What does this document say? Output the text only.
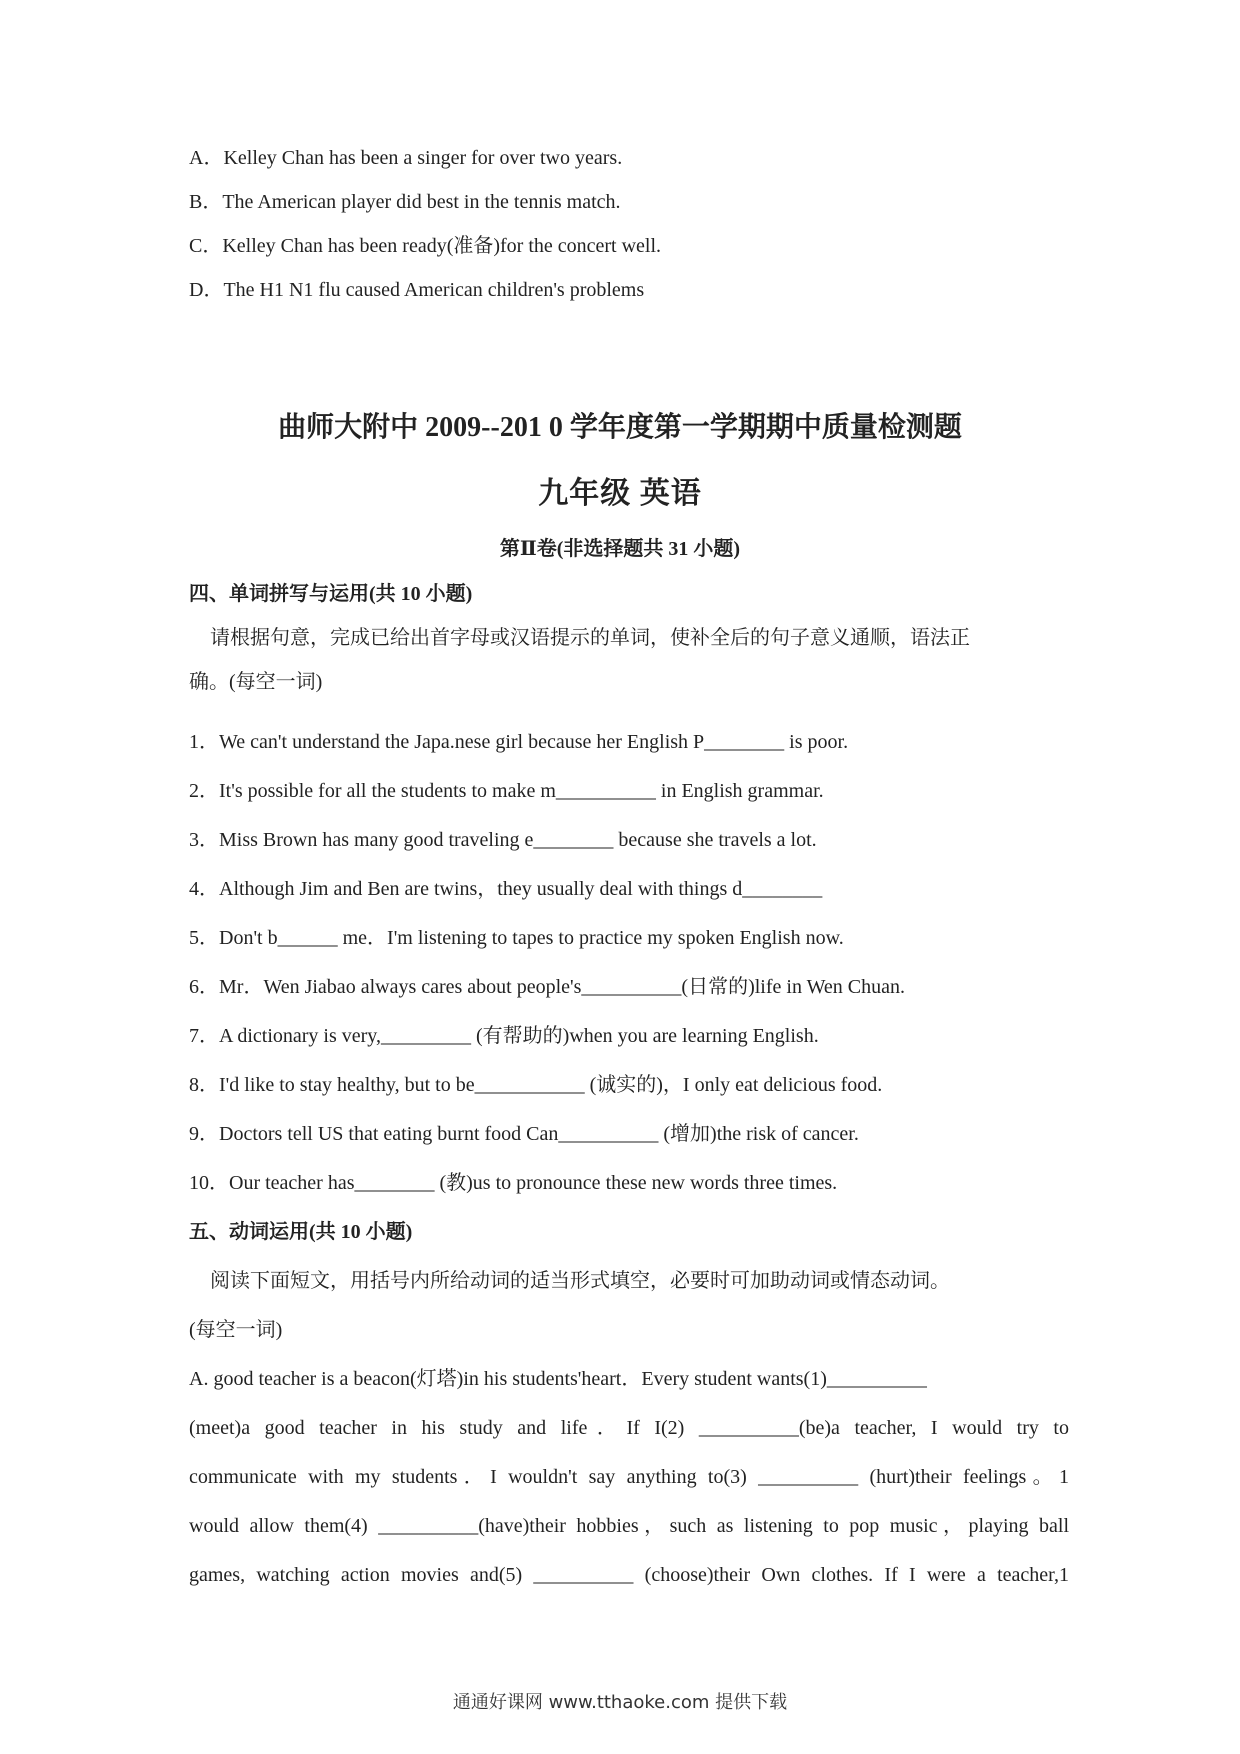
A．Kelley Chan has been a singer for over two years.
B．The American player did best in the tennis match.
C．Kelley Chan has been ready(准备)for the concert well.
D．The H1 N1 flu caused American children's problems
曲师大附中 2009--201 0 学年度第一学期期中质量检测题
九年级 英语
第Ⅱ卷(非选择题共 31 小题)
四、单词拼写与运用(共 10 小题)
请根据句意，完成已给出首字母或汉语提示的单词，使补全后的句子意义通顺，语法正
确。(每空一词)
1．We can't understand the Japa.nese girl because her English P________ is poor.
2．It's possible for all the students to make m__________ in English grammar.
3．Miss Brown has many good traveling e________ because she travels a lot.
4．Although Jim and Ben are twins，they usually deal with things d________
5．Don't b______ me．I'm listening to tapes to practice my spoken English now.
6．Mr．Wen Jiabao always cares about people's__________(日常的)life in Wen Chuan.
7．A dictionary is very,_________ (有帮助的)when you are learning English.
8．I'd like to stay healthy, but to be___________ (诚实的)，I only eat delicious food.
9．Doctors tell US that eating burnt food Can__________ (增加)the risk of cancer.
10．Our teacher has________ (教)us to pronounce these new words three times.
五、动词运用(共 10 小题)
阅读下面短文，用括号内所给动词的适当形式填空，必要时可加助动词或情态动词。
(每空一词)
A. good teacher is a beacon(灯塔)in his students'heart．Every student wants(1)__________
(meet)a good teacher in his study and life．If I(2) __________(be)a teacher, I would try to
communicate with my students．I wouldn't say anything to(3) __________ (hurt)their feelings。1
would allow them(4) __________(have)their hobbies，such as listening to pop music，playing ball
games, watching action movies and(5) __________ (choose)their Own clothes. If I were a teacher,1
通通好课网 www.tthaoke.com 提供下载
